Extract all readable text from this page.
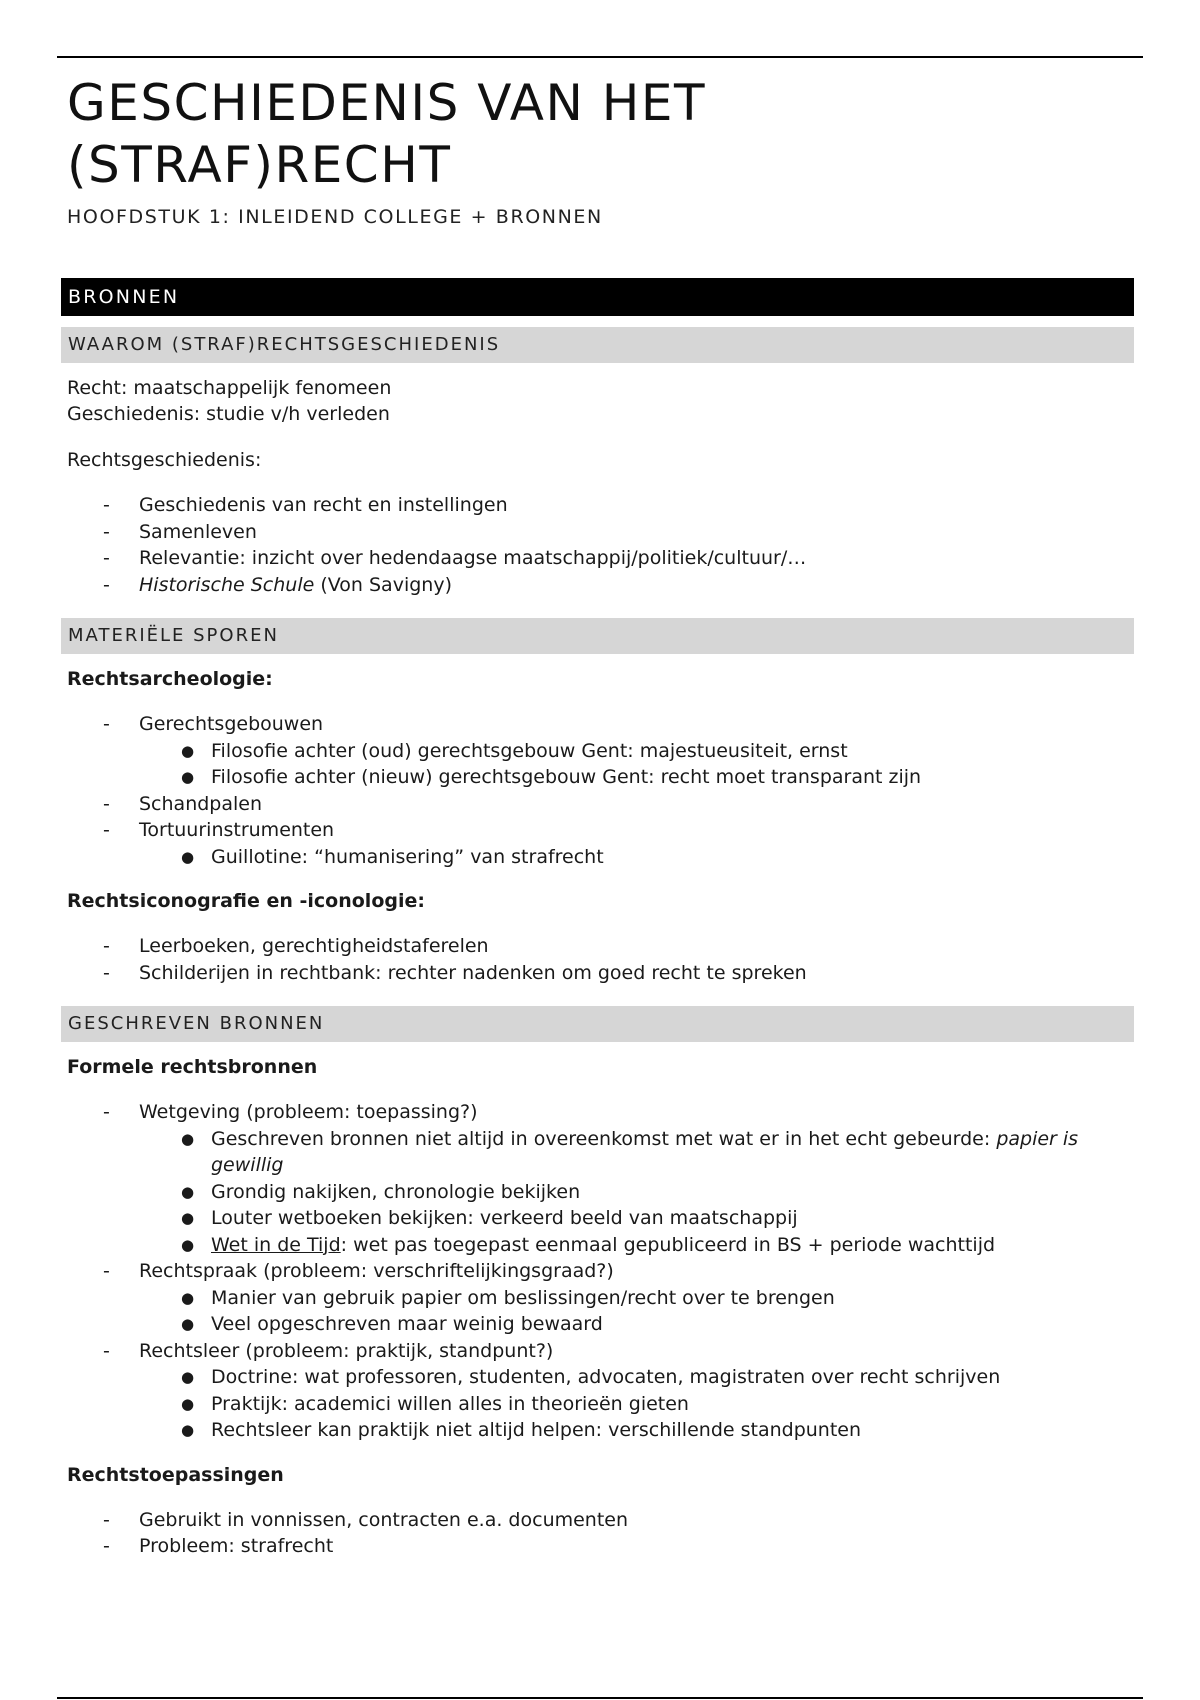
GESCHIEDENIS VAN HET
(STRAF)RECHT

HOOFDSTUK 1: INLEIDEND COLLEGE + BRONNEN

BRONNEN
WAAROM (STRAF)RECHTSGESCHIEDENIS

Recht: maatschappelijk fenomeen

Geschiedenis: studie v/h verleden

Rechtsgeschiedenis:

- Geschiedenis van recht en instellingen
- Samenleven
- Relevantie: inzicht over hedendaagse maatschappij/politiek/cultuur/…
- Historische Schule (Von Savigny)
MATERIËLE SPOREN

Rechtsarcheologie:

- Gerechtsgebouwen
● Filosofie achter (oud) gerechtsgebouw Gent: majestueusiteit, ernst
● Filosofie achter (nieuw) gerechtsgebouw Gent: recht moet transparant zijn
- Schandpalen
- Tortuurinstrumenten
● Guillotine: “humanisering” van strafrecht

Rechtsiconografie en -iconologie:

- Leerboeken, gerechtigheidstaferelen
- Schilderijen in rechtbank: rechter nadenken om goed recht te spreken
GESCHREVEN BRONNEN

Formele rechtsbronnen

- Wetgeving (probleem: toepassing?)
● Geschreven bronnen niet altijd in overeenkomst met wat er in het echt gebeurde: papier is gewillig
● Grondig nakijken, chronologie bekijken
● Louter wetboeken bekijken: verkeerd beeld van maatschappij
● Wet in de Tijd: wet pas toegepast eenmaal gepubliceerd in BS + periode wachttijd
- Rechtspraak (probleem: verschriftelijkingsgraad?)
● Manier van gebruik papier om beslissingen/recht over te brengen
● Veel opgeschreven maar weinig bewaard
- Rechtsleer (probleem: praktijk, standpunt?)
● Doctrine: wat professoren, studenten, advocaten, magistraten over recht schrijven
● Praktijk: academici willen alles in theorieën gieten
● Rechtsleer kan praktijk niet altijd helpen: verschillende standpunten

Rechtstoepassingen

- Gebruikt in vonnissen, contracten e.a. documenten
- Probleem: strafrecht
